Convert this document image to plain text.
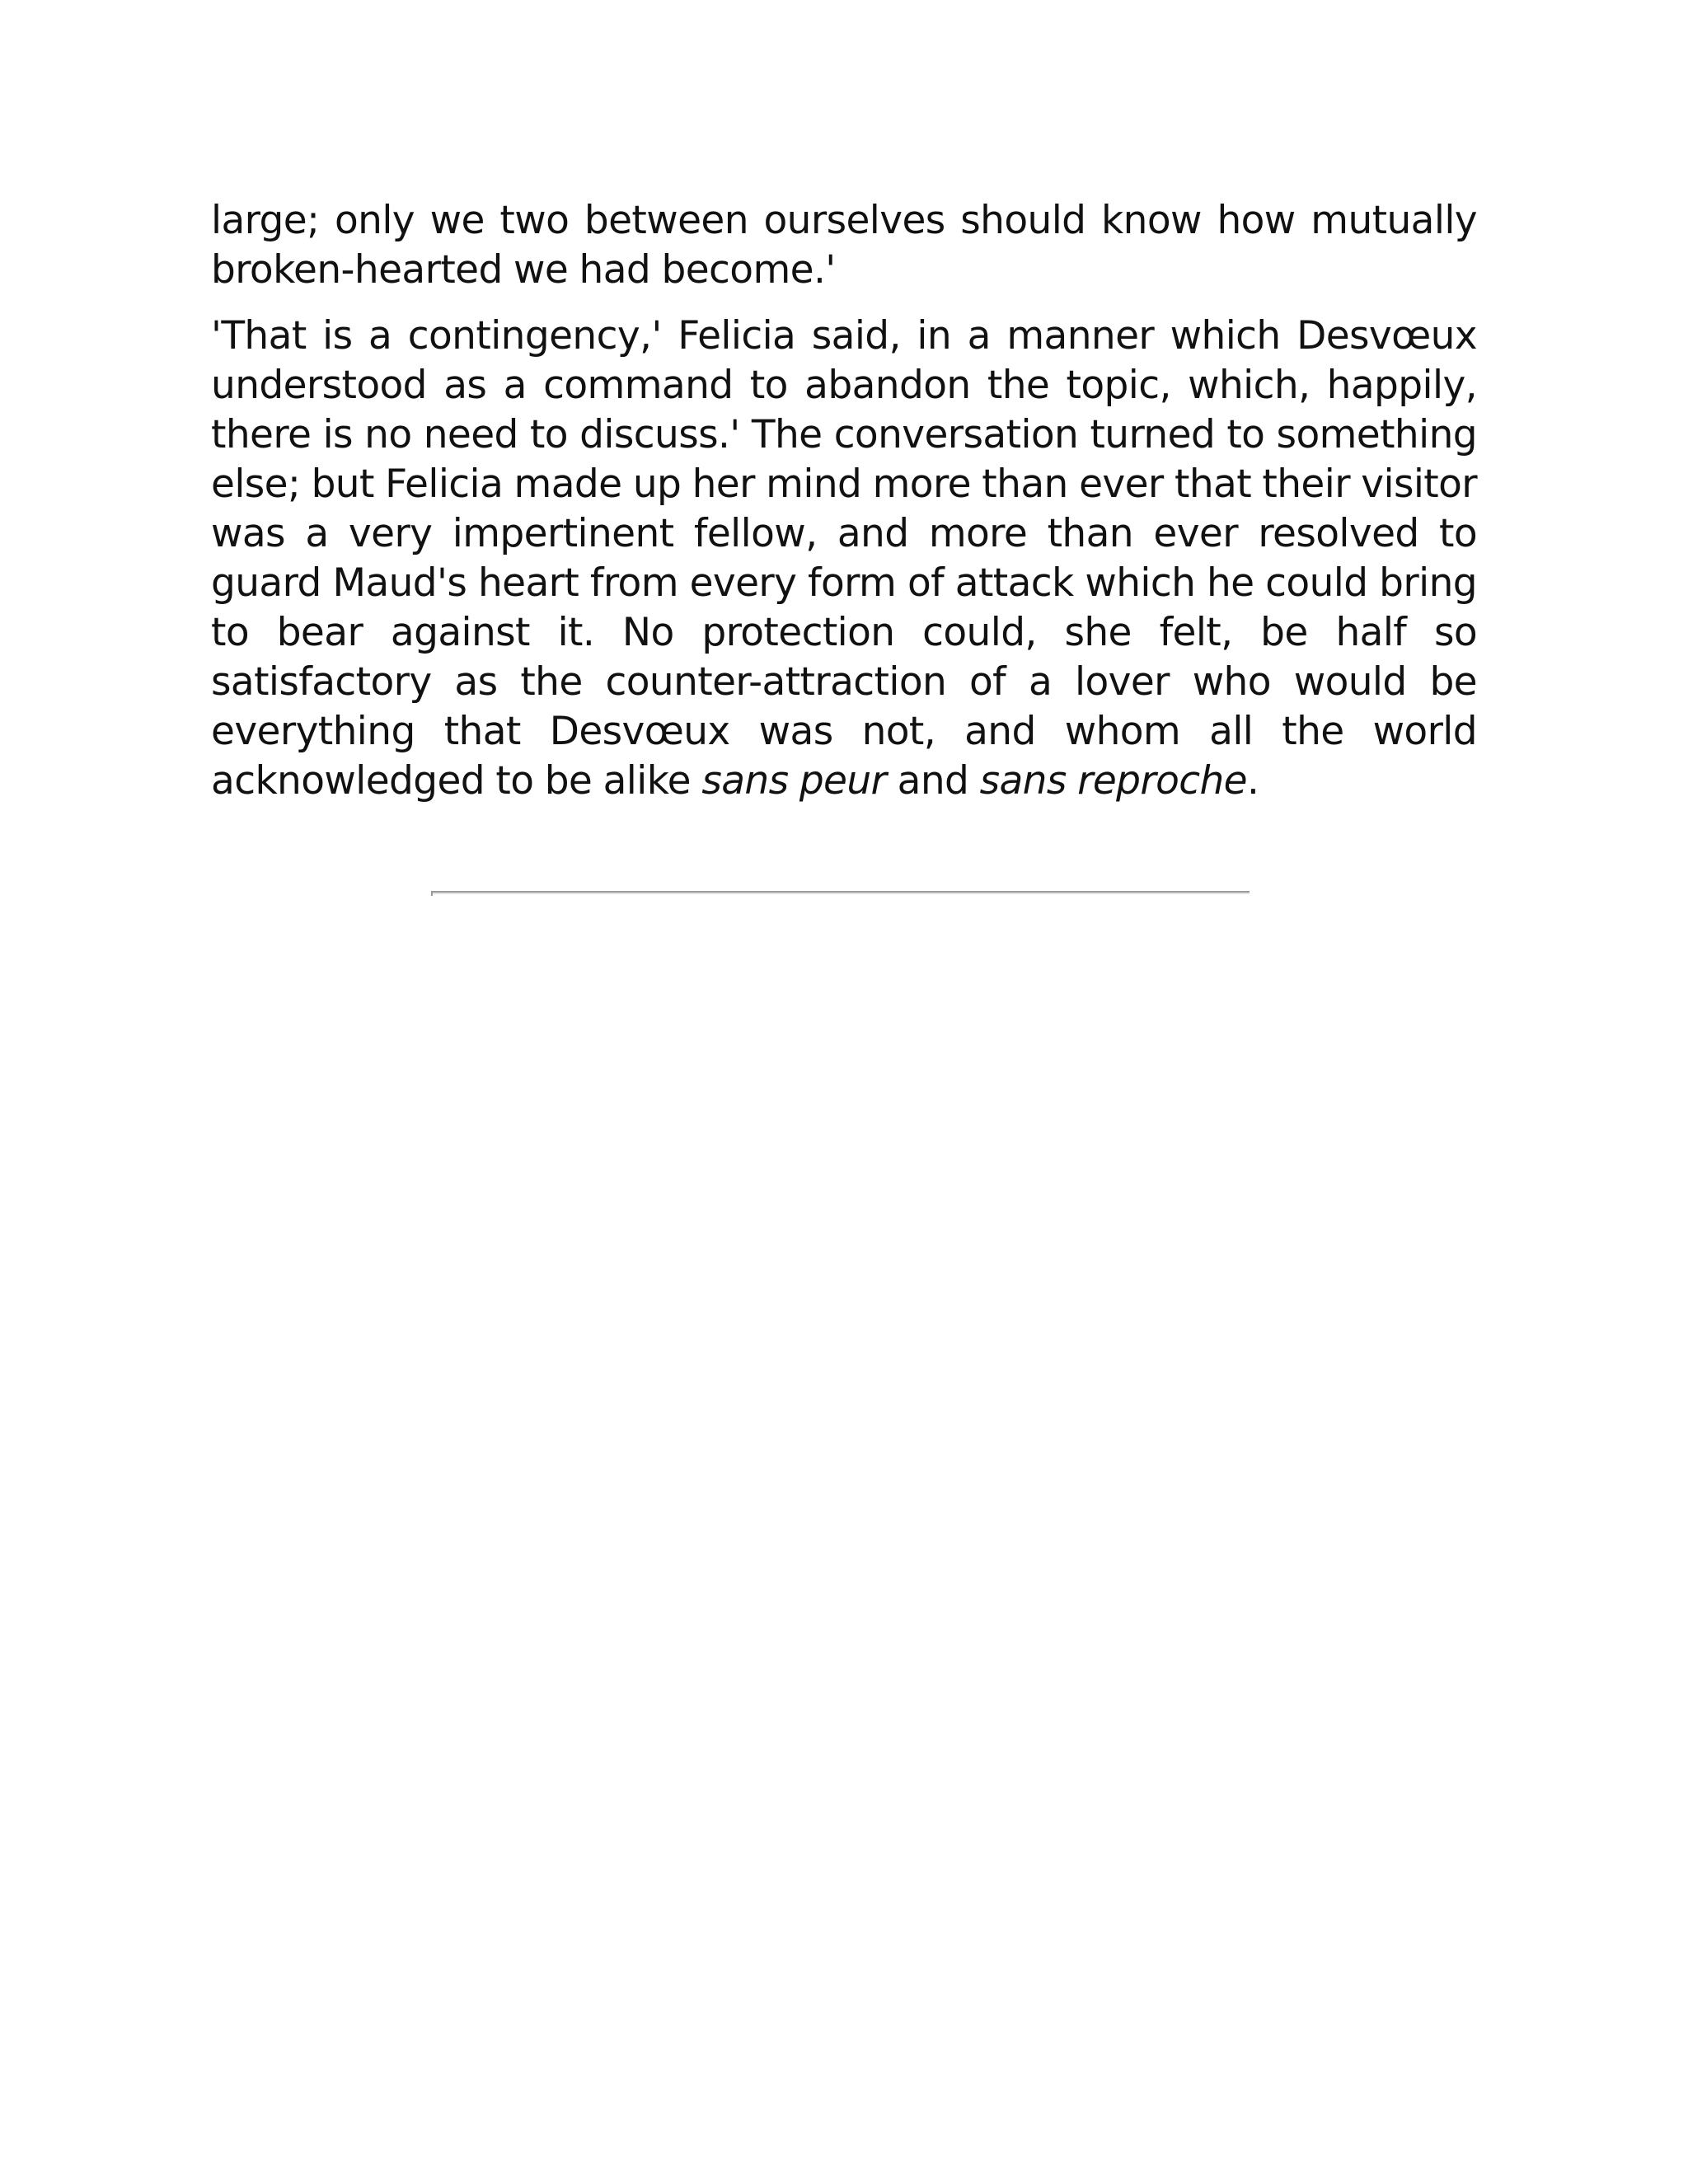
large; only we two between ourselves should know how mutually broken-hearted we had become.'

'That is a contingency,' Felicia said, in a manner which Desvœux understood as a command to abandon the topic, which, happily, there is no need to discuss.' The conversation turned to something else; but Felicia made up her mind more than ever that their visitor was a very impertinent fellow, and more than ever resolved to guard Maud's heart from every form of attack which he could bring to bear against it. No protection could, she felt, be half so satisfactory as the counter-attraction of a lover who would be everything that Desvœux was not, and whom all the world acknowledged to be alike sans peur and sans reproche.
